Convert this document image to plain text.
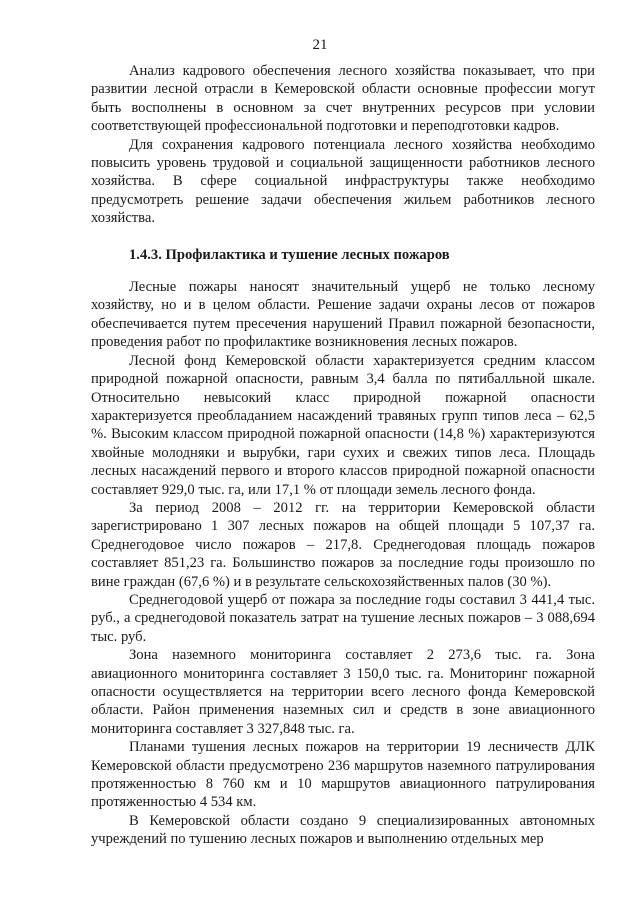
21

Анализ кадрового обеспечения лесного хозяйства показывает, что при развитии лесной отрасли в Кемеровской области основные профессии могут быть восполнены в основном за счет внутренних ресурсов при условии соответствующей профессиональной подготовки и переподготовки кадров.

Для сохранения кадрового потенциала лесного хозяйства необходимо повысить уровень трудовой и социальной защищенности работников лесного хозяйства. В сфере социальной инфраструктуры также необходимо предусмотреть решение задачи обеспечения жильем работников лесного хозяйства.

1.4.3. Профилактика и тушение лесных пожаров

Лесные пожары наносят значительный ущерб не только лесному хозяйству, но и в целом области. Решение задачи охраны лесов от пожаров обеспечивается путем пресечения нарушений Правил пожарной безопасности, проведения работ по профилактике возникновения лесных пожаров.

Лесной фонд Кемеровской области характеризуется средним классом природной пожарной опасности, равным 3,4 балла по пятибалльной шкале. Относительно невысокий класс природной пожарной опасности характеризуется преобладанием насаждений травяных групп типов леса – 62,5 %. Высоким классом природной пожарной опасности (14,8 %) характеризуются хвойные молодняки и вырубки, гари сухих и свежих типов леса. Площадь лесных насаждений первого и второго классов природной пожарной опасности составляет 929,0 тыс. га, или 17,1 % от площади земель лесного фонда.

За период 2008 – 2012 гг. на территории Кемеровской области зарегистрировано 1 307 лесных пожаров на общей площади 5 107,37 га. Среднегодовое число пожаров – 217,8. Среднегодовая площадь пожаров составляет 851,23 га. Большинство пожаров за последние годы произошло по вине граждан (67,6 %) и в результате сельскохозяйственных палов (30 %).

Среднегодовой ущерб от пожара за последние годы составил 3 441,4 тыс. руб., а среднегодовой показатель затрат на тушение лесных пожаров – 3 088,694 тыс. руб.

Зона наземного мониторинга составляет 2 273,6 тыс. га. Зона авиационного мониторинга составляет 3 150,0 тыс. га. Мониторинг пожарной опасности осуществляется на территории всего лесного фонда Кемеровской области. Район применения наземных сил и средств в зоне авиационного мониторинга составляет 3 327,848 тыс. га.

Планами тушения лесных пожаров на территории 19 лесничеств ДЛК Кемеровской области предусмотрено 236 маршрутов наземного патрулирования протяженностью 8 760 км и 10 маршрутов авиационного патрулирования протяженностью 4 534 км.

В Кемеровской области создано 9 специализированных автономных учреждений по тушению лесных пожаров и выполнению отдельных мер
